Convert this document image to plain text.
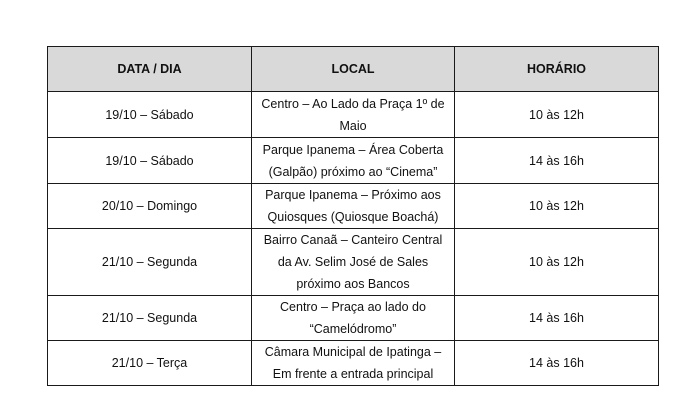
DATA / DIA	LOCAL	HORÁRIO
19/10 – Sábado	Centro – Ao Lado da Praça 1º de Maio	10 às 12h
19/10 – Sábado	Parque Ipanema – Área Coberta (Galpão) próximo ao “Cinema”	14 às 16h
20/10 – Domingo	Parque Ipanema – Próximo aos Quiosques (Quiosque Boachá)	10 às 12h
21/10 – Segunda	Bairro Canaã – Canteiro Central da Av. Selim José de Sales próximo aos Bancos	10 às 12h
21/10 – Segunda	Centro – Praça ao lado do “Camelódromo”	14 às 16h
21/10 – Terça	Câmara Municipal de Ipatinga – Em frente a entrada principal	14 às 16h
